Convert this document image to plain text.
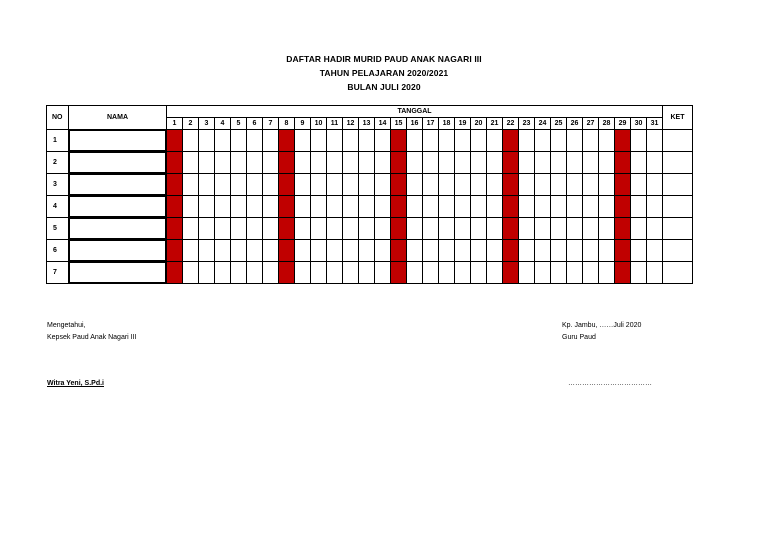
DAFTAR HADIR MURID PAUD ANAK NAGARI III
TAHUN PELAJARAN 2020/2021
BULAN JULI 2020
NO	NAMA	TANGGAL																															KET
		1	2	3	4	5	6	7	8	9	10	11	12	13	14	15	16	17	18	19	20	21	22	23	24	25	26	27	28	29	30	31	
1																																	
2																																	
3																																	
4																																	
5																																	
6																																	
7																																	
Mengetahui,
Kepsek Paud Anak Nagari III
Witra Yeni, S.Pd.i
Kp. Jambu, ……Juli 2020
Guru Paud
………………………………
